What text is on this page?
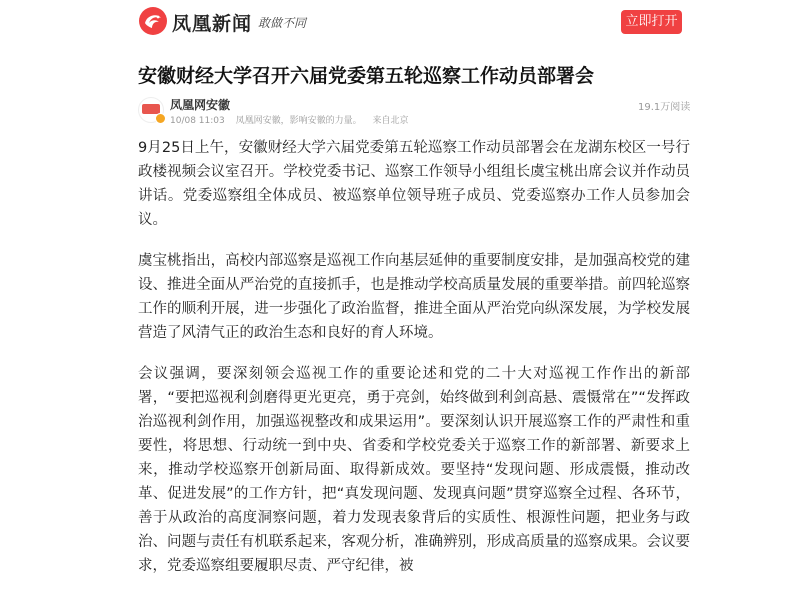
凤凰新闻 敢做不同	立即打开
安徽财经大学召开六届党委第五轮巡察工作动员部署会
凤凰网安徽
10/08 11:03 凤凰网安徽，影响安徽的力量。 来自北京
19.1万阅读

9月25日上午，安徽财经大学六届党委第五轮巡察工作动员部署会在龙湖东校区一号行政楼视频会议室召开。学校党委书记、巡察工作领导小组组长虞宝桃出席会议并作动员讲话。党委巡察组全体成员、被巡察单位领导班子成员、党委巡察办工作人员参加会议。

虞宝桃指出，高校内部巡察是巡视工作向基层延伸的重要制度安排，是加强高校党的建设、推进全面从严治党的直接抓手，也是推动学校高质量发展的重要举措。前四轮巡察工作的顺利开展，进一步强化了政治监督，推进全面从严治党向纵深发展，为学校发展营造了风清气正的政治生态和良好的育人环境。

会议强调，要深刻领会巡视工作的重要论述和党的二十大对巡视工作作出的新部署，“要把巡视利剑磨得更光更亮，勇于亮剑，始终做到利剑高悬、震慑常在”“发挥政治巡视利剑作用，加强巡视整改和成果运用”。要深刻认识开展巡察工作的严肃性和重要性，将思想、行动统一到中央、省委和学校党委关于巡察工作的新部署、新要求上来，推动学校巡察开创新局面、取得新成效。要坚持“发现问题、形成震慑，推动改革、促进发展”的工作方针，把“真发现问题、发现真问题”贯穿巡察全过程、各环节，善于从政治的高度洞察问题，着力发现表象背后的实质性、根源性问题，把业务与政治、问题与责任有机联系起来，客观分析，准确辨别，形成高质量的巡察成果。会议要求，党委巡察组要履职尽责、严守纪律，被
